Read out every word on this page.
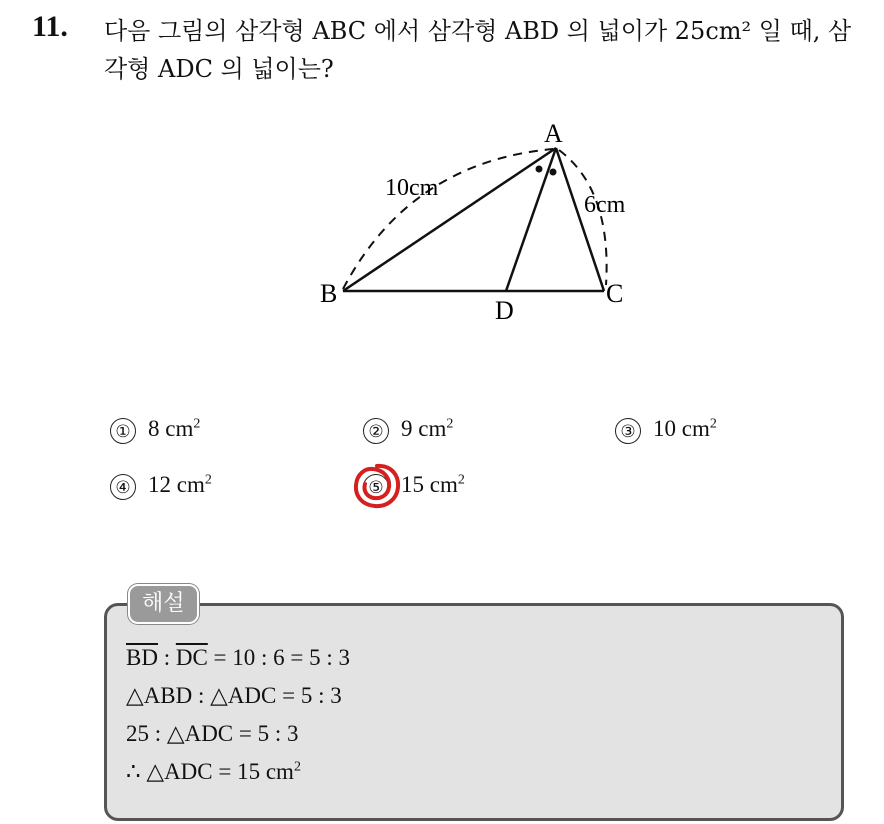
11. 다음 그림의 삼각형 ABC 에서 삼각형 ABD 의 넓이가 25cm² 일 때, 삼각형 ADC 의 넓이는?
A
B	C
D
10cm
6cm
① 8 $cm^2$	② 9 $cm^2$	③ 10 $cm^2$
④ 12 $cm^2$	⑤ 15 $cm^2$
해설
$\overline{BD}$ : $\overline{DC} = 10$ : 6 = 5 : 3
△ABD : △ADC = 5 : 3
25 : △ADC = 5 : 3
∴ △ADC = 15 $cm^2$
